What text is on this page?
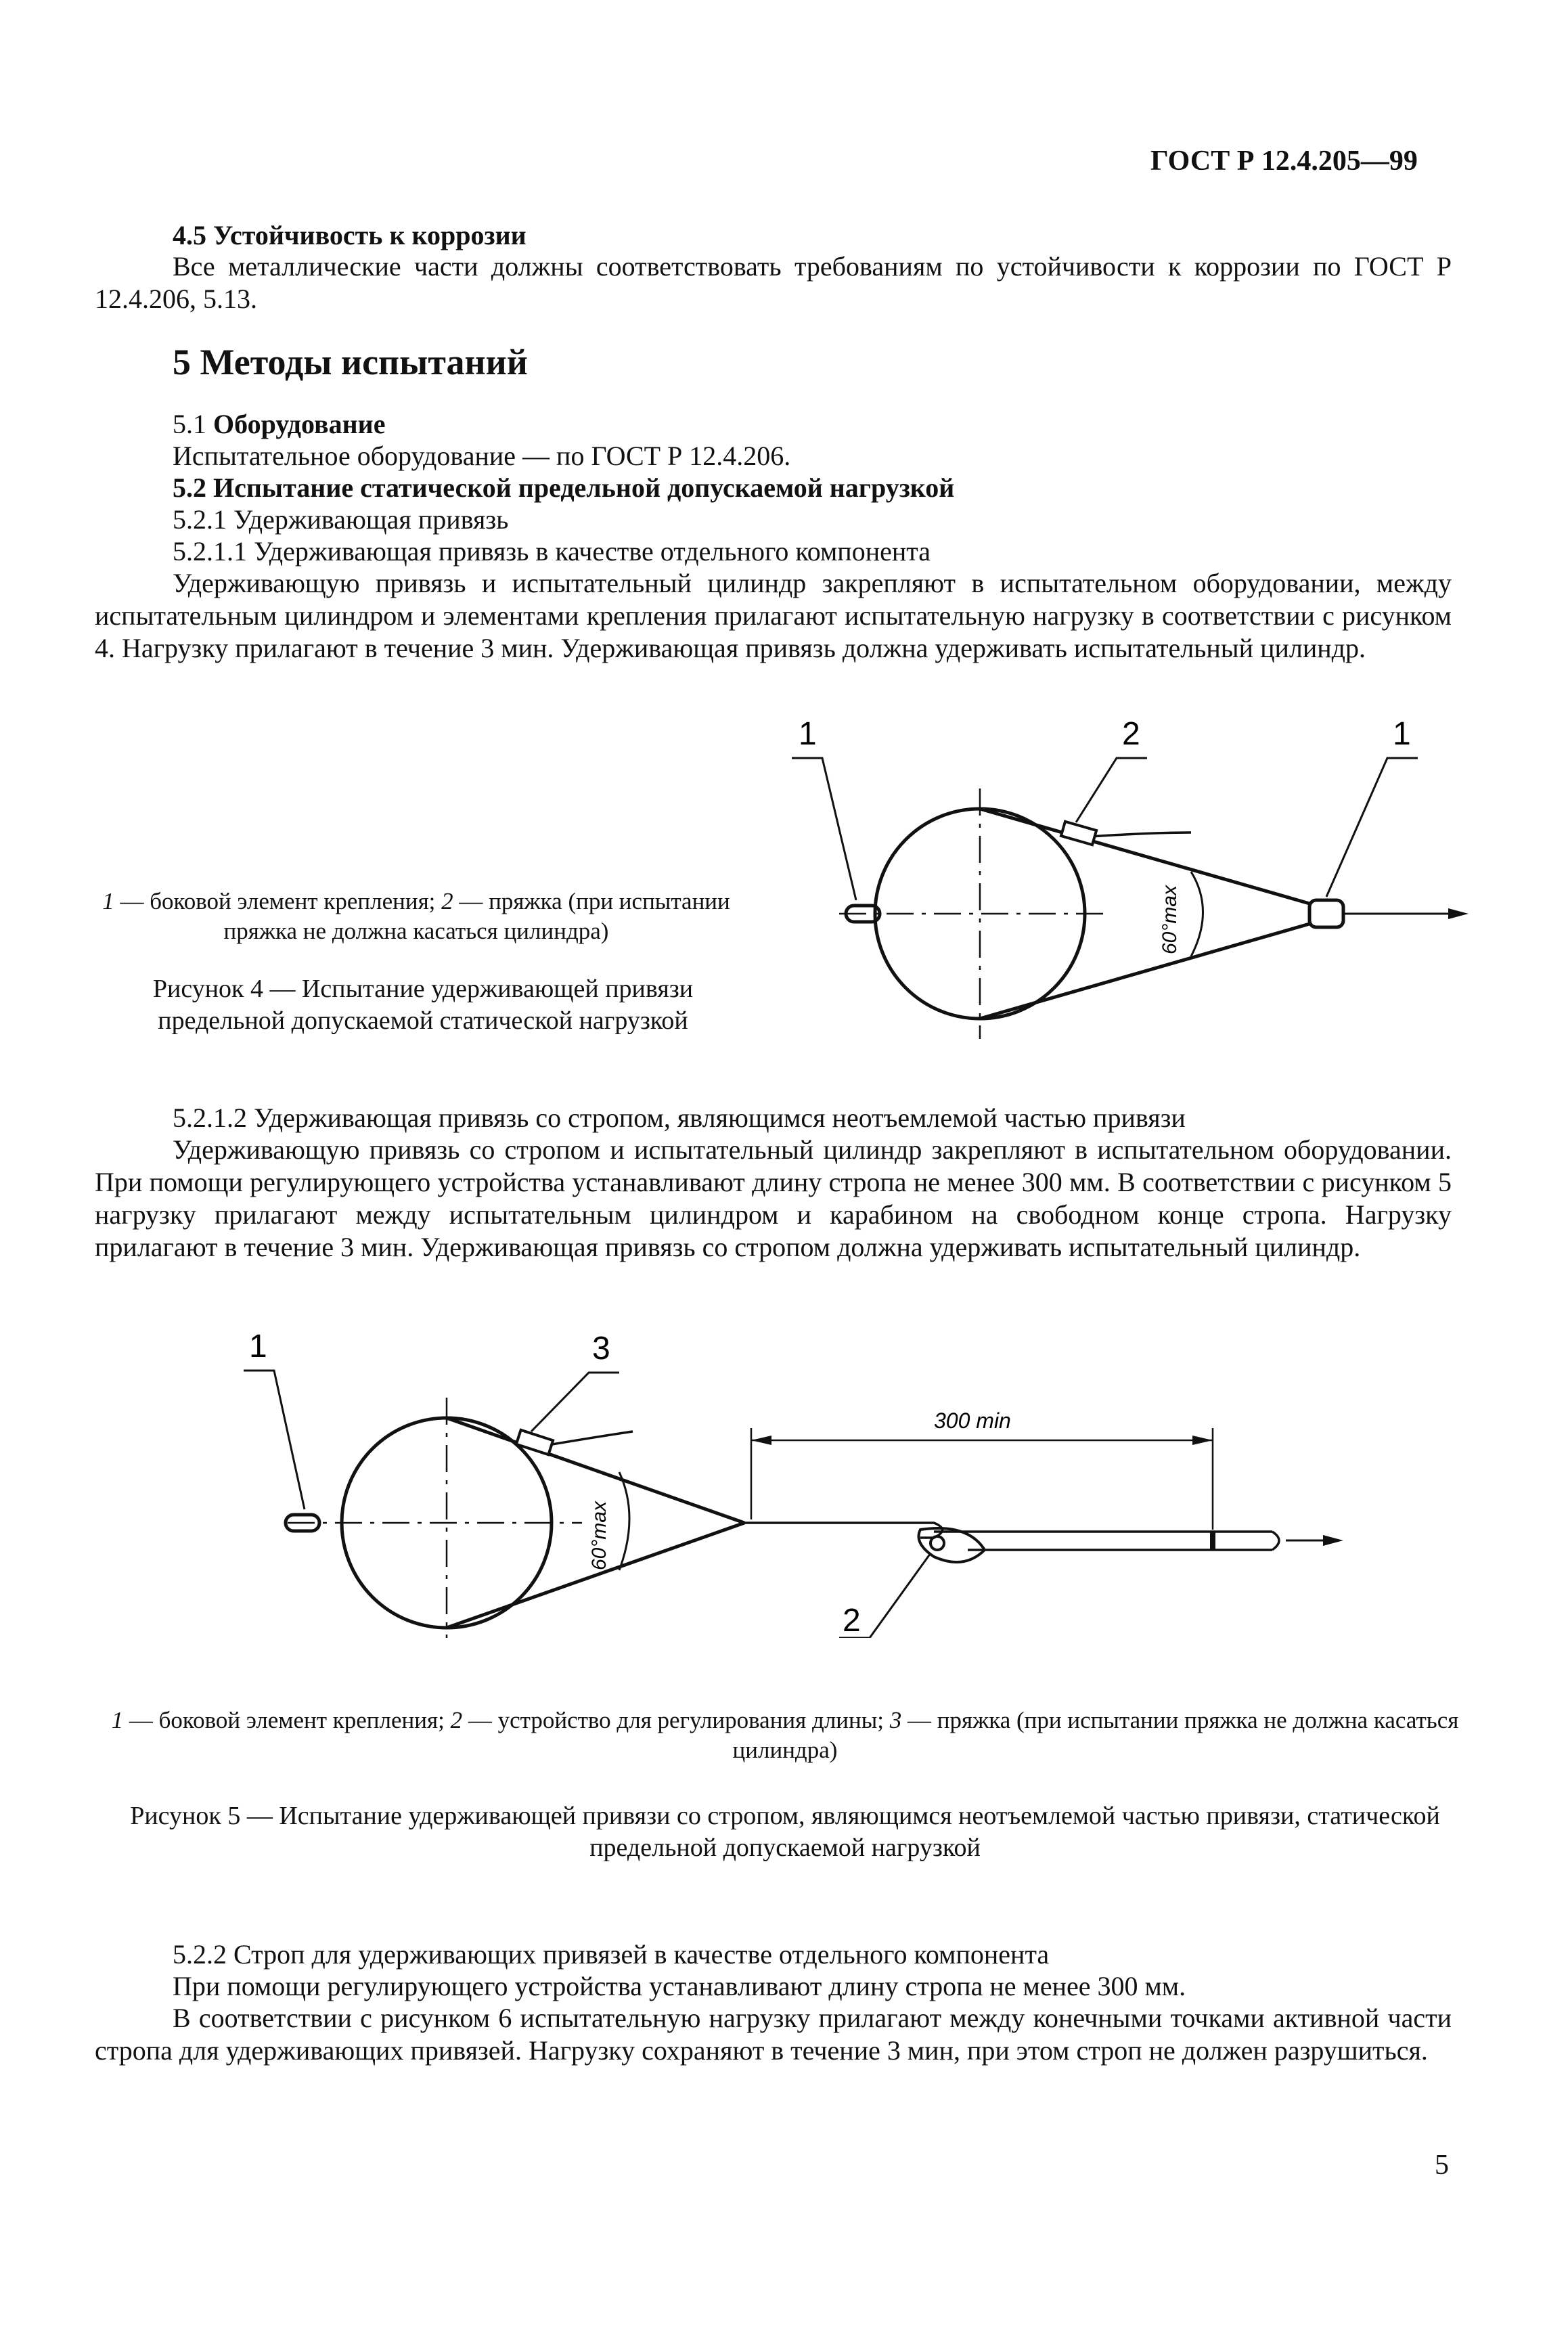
ГОСТ Р 12.4.205—99
4.5 Устойчивость к коррозии
Все металлические части должны соответствовать требованиям по устойчивости к коррозии по ГОСТ Р 12.4.206, 5.13.
5 Методы испытаний
5.1 Оборудование
Испытательное оборудование — по ГОСТ Р 12.4.206.
5.2 Испытание статической предельной допускаемой нагрузкой
5.2.1 Удерживающая привязь
5.2.1.1 Удерживающая привязь в качестве отдельного компонента
Удерживающую привязь и испытательный цилиндр закрепляют в испытательном оборудовании, между испытательным цилиндром и элементами крепления прилагают испытательную нагрузку в соответствии с рисунком 4. Нагрузку прилагают в течение 3 мин. Удерживающая привязь должна удерживать испытательный цилиндр.
1 — боковой элемент крепления; 2 — пряжка (при испытании пряжка не должна касаться цилиндра)
Рисунок 4 — Испытание удерживающей привязи предельной допускаемой статической нагрузкой
1	2	1
60°max
5.2.1.2 Удерживающая привязь со стропом, являющимся неотъемлемой частью привязи
Удерживающую привязь со стропом и испытательный цилиндр закрепляют в испытательном оборудовании. При помощи регулирующего устройства устанавливают длину стропа не менее 300 мм. В соответствии с рисунком 5 нагрузку прилагают между испытательным цилиндром и карабином на свободном конце стропа. Нагрузку прилагают в течение 3 мин. Удерживающая привязь со стропом должна удерживать испытательный цилиндр.
1	3
2
60°max
300 min
1 — боковой элемент крепления; 2 — устройство для регулирования длины; 3 — пряжка (при испытании пряжка не должна касаться цилиндра)
Рисунок 5 — Испытание удерживающей привязи со стропом, являющимся неотъемлемой частью привязи, статической предельной допускаемой нагрузкой
5.2.2 Строп для удерживающих привязей в качестве отдельного компонента
При помощи регулирующего устройства устанавливают длину стропа не менее 300 мм.
В соответствии с рисунком 6 испытательную нагрузку прилагают между конечными точками активной части стропа для удерживающих привязей. Нагрузку сохраняют в течение 3 мин, при этом строп не должен разрушиться.
5
